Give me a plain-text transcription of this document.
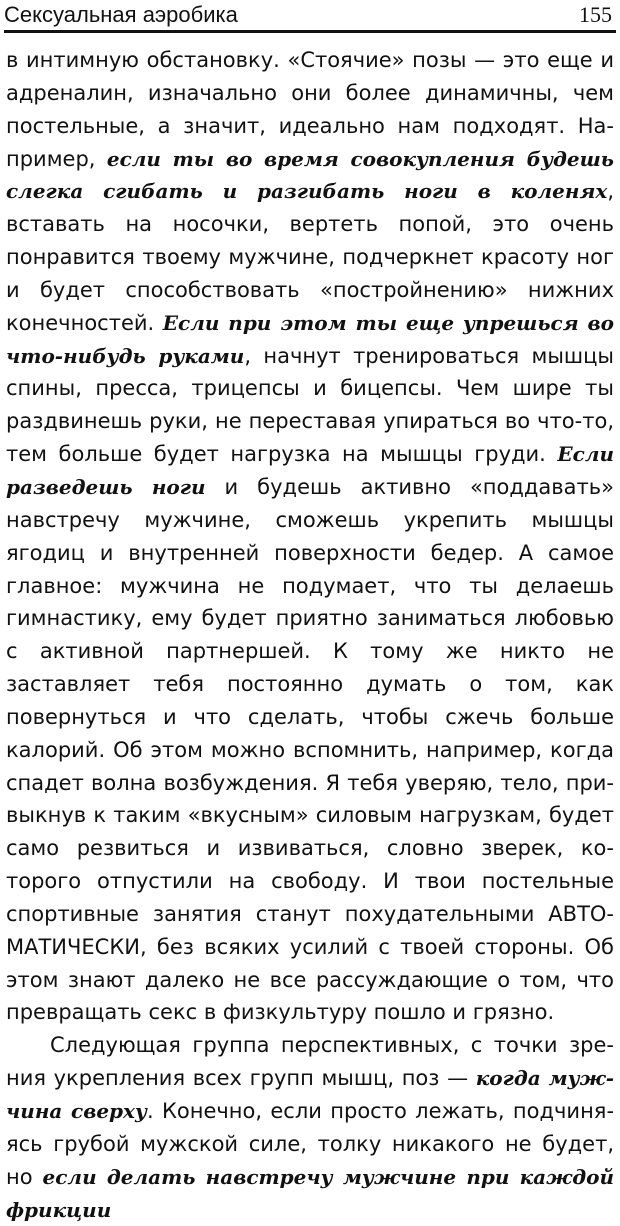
Сексуальная аэробика	155

в интимную обстановку. «Стоячие» позы — это еще и адреналин, изначально они более динамичны, чем постельные, а значит, идеально нам подходят. Например, если ты во время совокупления будешь слегка сгибать и разгибать ноги в коленях, вставать на носочки, вертеть попой, это очень понравится твоему мужчине, подчеркнет красоту ног и будет способствовать «постройнению» нижних конечностей. Если при этом ты еще упрешься во что-нибудь руками, начнут тренироваться мышцы спины, пресса, трицепсы и бицепсы. Чем шире ты раздвинешь руки, не переставая упираться во что-то, тем больше будет нагрузка на мышцы груди. Если разведешь ноги и будешь активно «поддавать» навстречу мужчине, сможешь укрепить мышцы ягодиц и внутренней поверхности бедер. А самое главное: мужчина не подумает, что ты делаешь гимнастику, ему будет приятно заниматься любовью с активной партнершей. К тому же никто не заставляет тебя постоянно думать о том, как повернуться и что сделать, чтобы сжечь больше калорий. Об этом можно вспомнить, например, когда спадет волна возбуждения. Я тебя уверяю, тело, привыкнув к таким «вкусным» силовым нагрузкам, будет само резвиться и извиваться, словно зверек, которого отпустили на свободу. И твои постельные спортивные занятия станут похудательными АВТОМАТИЧЕСКИ, без всяких усилий с твоей стороны. Об этом знают далеко не все рассуждающие о том, что превращать секс в физкультуру пошло и грязно.

Следующая группа перспективных, с точки зрения укрепления всех групп мышц, поз — когда мужчина сверху. Конечно, если просто лежать, подчиняясь грубой мужской силе, толку никакого не будет, но если делать навстречу мужчине при каждой фрикции
